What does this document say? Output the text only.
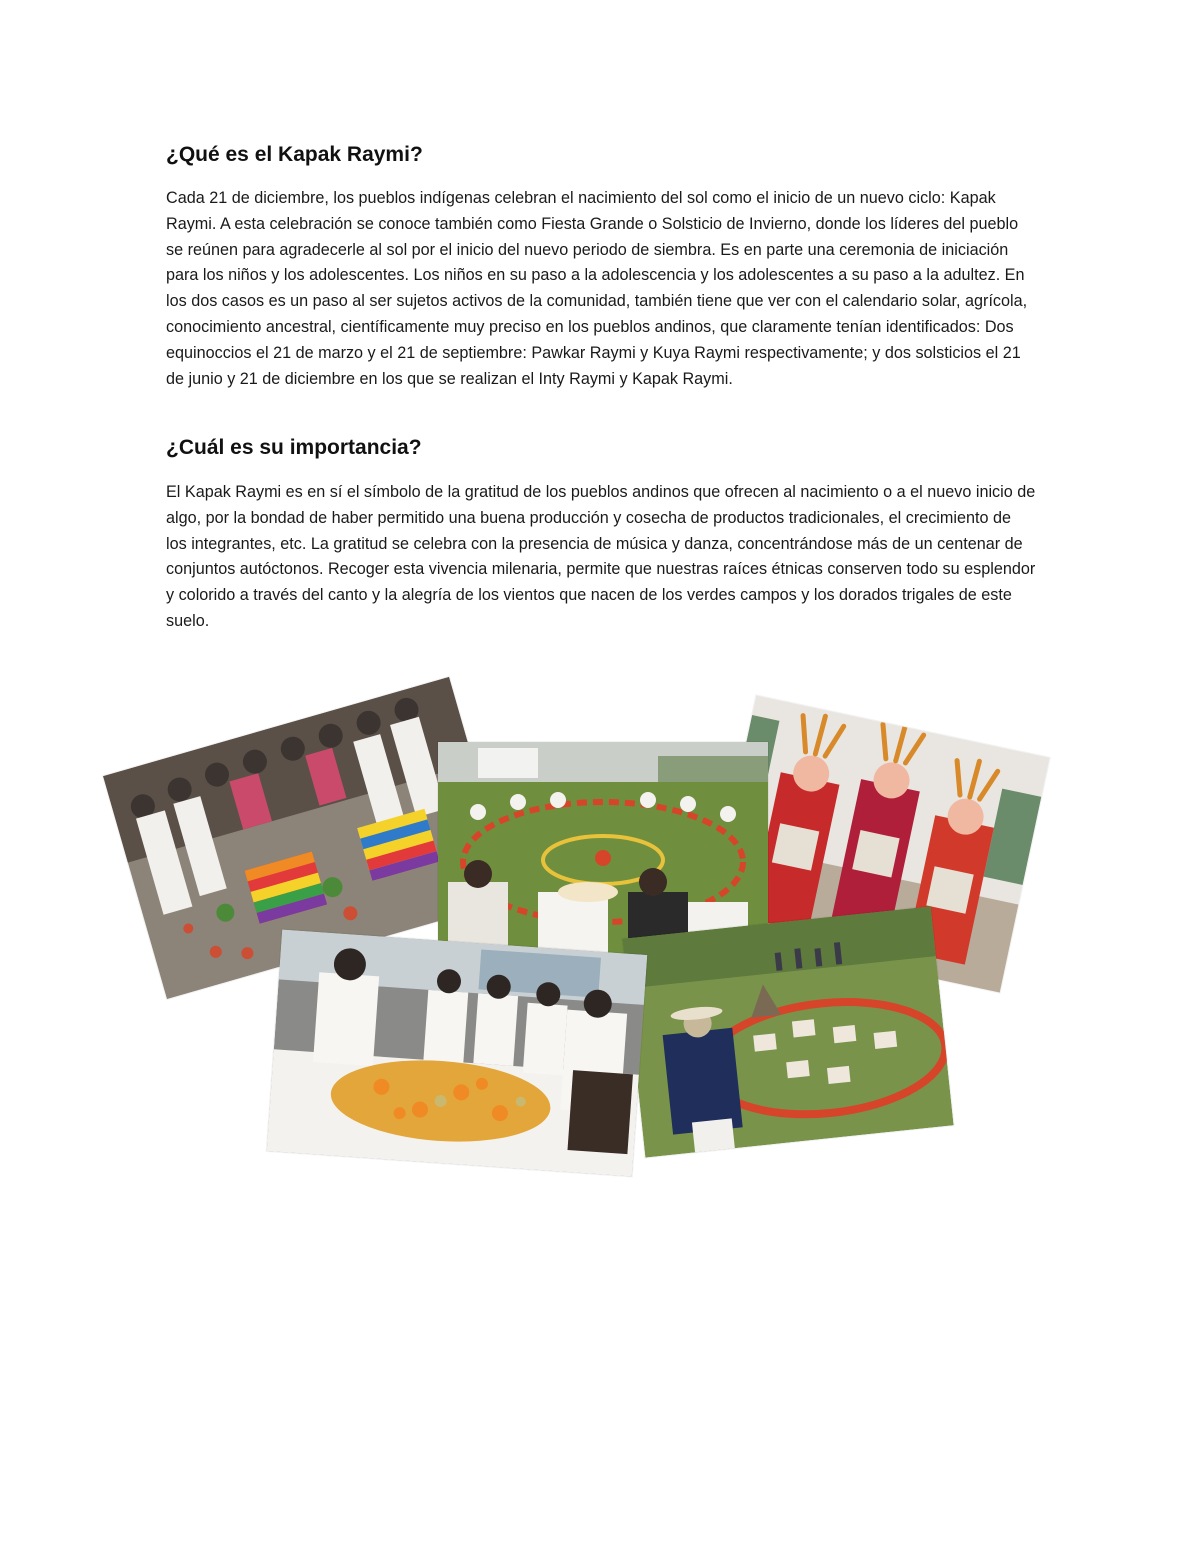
¿Qué es el Kapak Raymi?

Cada 21 de diciembre, los pueblos indígenas celebran el nacimiento del sol como el inicio de un nuevo ciclo: Kapak Raymi. A esta celebración se conoce también como Fiesta Grande o Solsticio de Invierno, donde los líderes del pueblo se reúnen para agradecerle al sol por el inicio del nuevo periodo de siembra. Es en parte una ceremonia de iniciación para los niños y los adolescentes. Los niños en su paso a la adolescencia y los adolescentes a su paso a la adultez. En los dos casos es un paso al ser sujetos activos de la comunidad, también tiene que ver con el calendario solar, agrícola, conocimiento ancestral, científicamente muy preciso en los pueblos andinos, que claramente tenían identificados: Dos equinoccios el 21 de marzo y el 21 de septiembre: Pawkar Raymi y Kuya Raymi respectivamente; y dos solsticios el 21 de junio y 21 de diciembre en los que se realizan el Inty Raymi y Kapak Raymi.

¿Cuál es su importancia?

El Kapak Raymi es en sí el símbolo de la gratitud de los pueblos andinos que ofrecen al nacimiento o a el nuevo inicio de algo, por la bondad de haber permitido una buena producción y cosecha de productos tradicionales, el crecimiento de los integrantes, etc. La gratitud se celebra con la presencia de música y danza, concentrándose más de un centenar de conjuntos autóctonos. Recoger esta vivencia milenaria, permite que nuestras raíces étnicas conserven todo su esplendor y colorido a través del canto y la alegría de los vientos que nacen de los verdes campos y los dorados trigales de este suelo.
